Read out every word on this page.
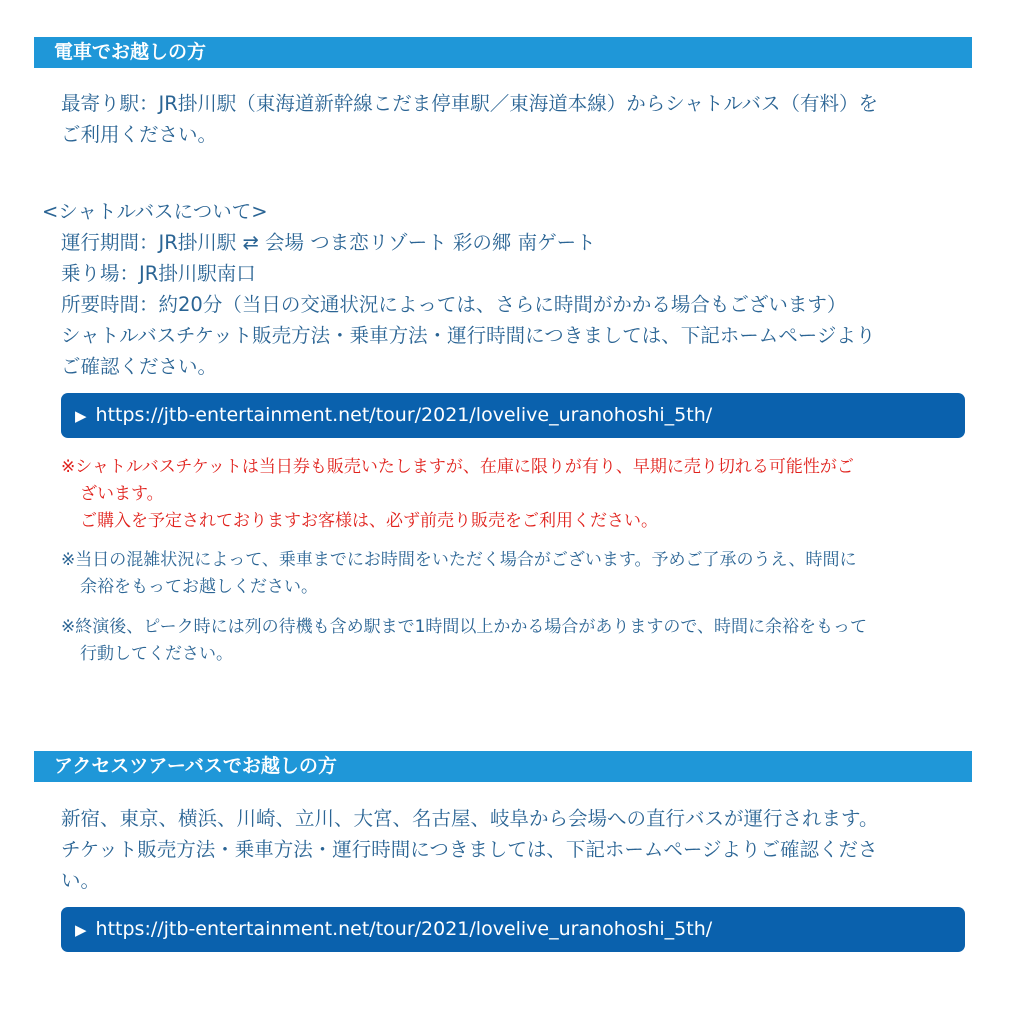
電車でお越しの方

最寄り駅：JR掛川駅（東海道新幹線こだま停車駅／東海道本線）からシャトルバス（有料）を

ご利用ください。

<シャトルバスについて>

運行期間：JR掛川駅 ⇄ 会場 つま恋リゾート 彩の郷 南ゲート

乗り場：JR掛川駅南口

所要時間：約20分（当日の交通状況によっては、さらに時間がかかる場合もございます）

シャトルバスチケット販売方法・乗車方法・運行時間につきましては、下記ホームページより

ご確認ください。

▶ https://jtb-entertainment.net/tour/2021/lovelive_uranohoshi_5th/

※シャトルバスチケットは当日券も販売いたしますが、在庫に限りが有り、早期に売り切れる可能性がご

ざいます。

ご購入を予定されておりますお客様は、必ず前売り販売をご利用ください。

※当日の混雑状況によって、乗車までにお時間をいただく場合がございます。予めご了承のうえ、時間に

余裕をもってお越しください。

※終演後、ピーク時には列の待機も含め駅まで1時間以上かかる場合がありますので、時間に余裕をもって

行動してください。

アクセスツアーバスでお越しの方

新宿、東京、横浜、川崎、立川、大宮、名古屋、岐阜から会場への直行バスが運行されます。

チケット販売方法・乗車方法・運行時間につきましては、下記ホームページよりご確認くださ

い。

▶ https://jtb-entertainment.net/tour/2021/lovelive_uranohoshi_5th/
